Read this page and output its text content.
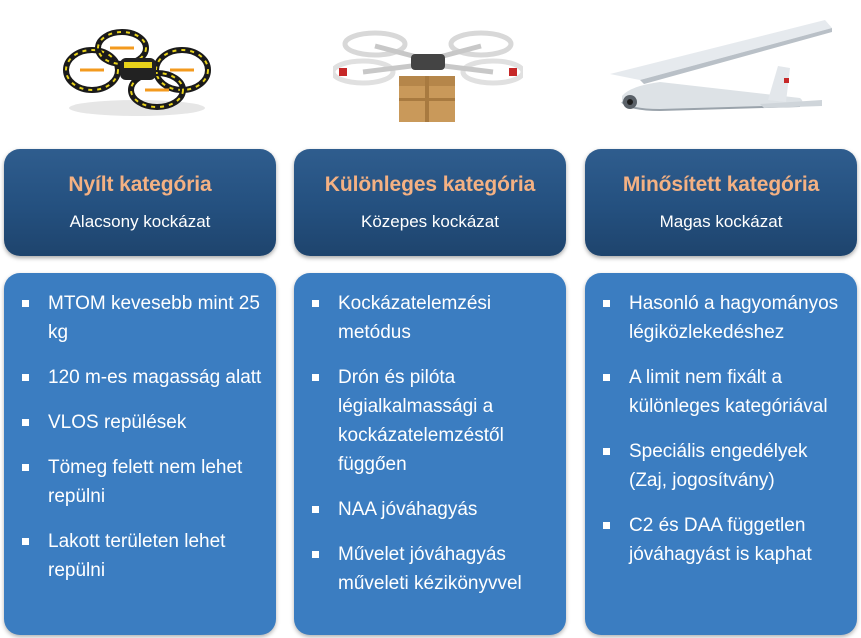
Nyílt kategória
Alacsony kockázat
Különleges kategória
Közepes kockázat
Minősített kategória
Magas kockázat
MTOM kevesebb mint 25 kg
120 m-es magasság alatt
VLOS repülések
Tömeg felett nem lehet repülni
Lakott területen lehet repülni
Kockázatelemzési metódus
Drón és pilóta légialkalmassági a kockázatelemzéstől függően
NAA jóváhagyás
Művelet jóváhagyás műveleti kézikönyvvel
Hasonló a hagyományos légiközlekedéshez
A limit nem fixált a különleges kategóriával
Speciális engedélyek (Zaj, jogosítvány)
C2 és DAA független jóváhagyást is kaphat
